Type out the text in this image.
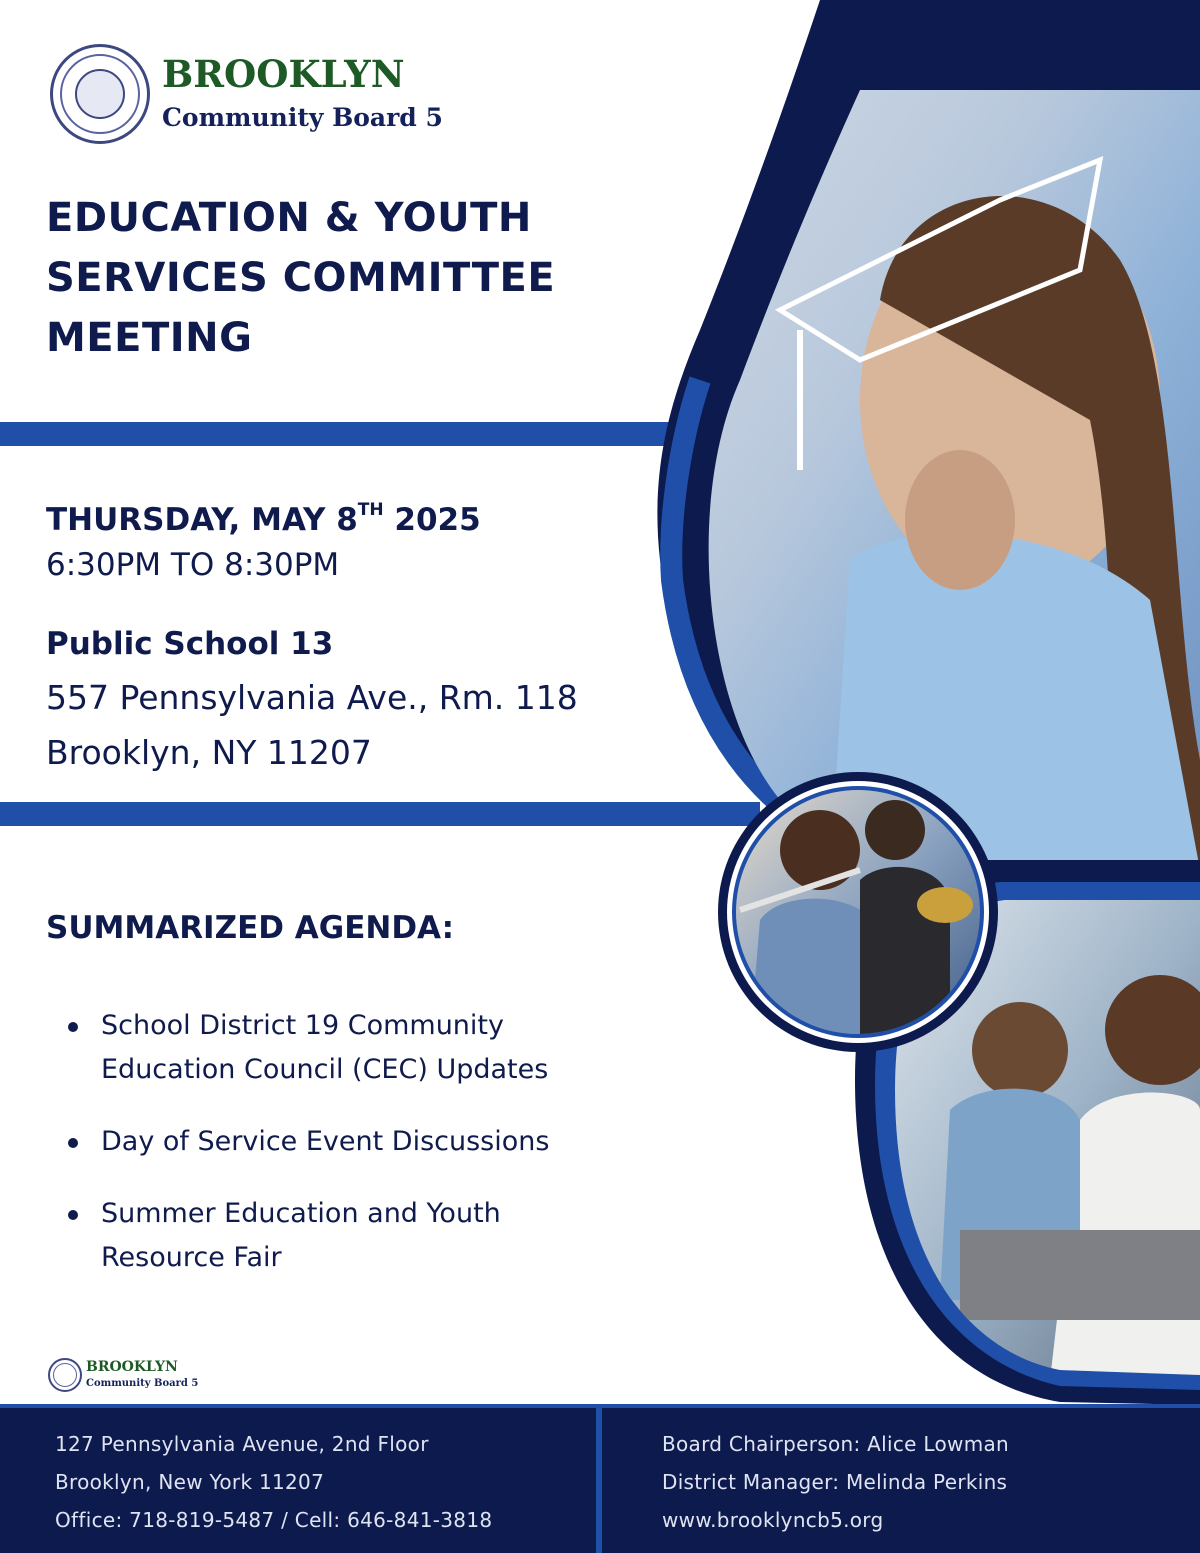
BROOKLYN
Community Board 5
EDUCATION & YOUTH
SERVICES COMMITTEE
MEETING
THURSDAY, MAY 8TH 2025
6:30PM TO 8:30PM
Public School 13
557 Pennsylvania Ave., Rm. 118
Brooklyn, NY 11207
SUMMARIZED AGENDA:
School District 19 Community
Education Council (CEC) Updates
Day of Service Event Discussions
Summer Education and Youth
Resource Fair
BROOKLYN
Community Board 5
127 Pennsylvania Avenue, 2nd Floor
Brooklyn, New York 11207
Office: 718-819-5487 / Cell: 646-841-3818
Board Chairperson: Alice Lowman
District Manager: Melinda Perkins
www.brooklyncb5.org
